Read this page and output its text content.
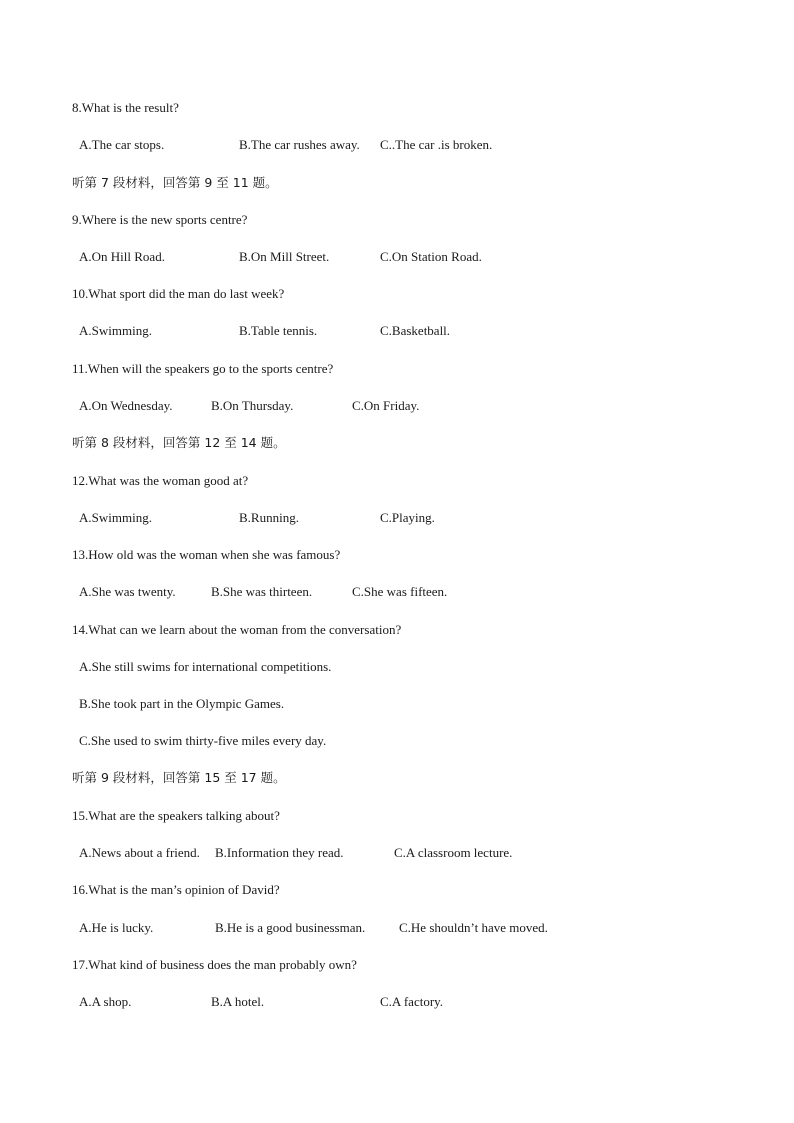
8.What is the result?
A.The car stops.	B.The car rushes away. C..The car .is broken.
听第 7 段材料，回答第 9 至 11 题。
9.Where is the new sports centre?
A.On Hill Road.	B.On Mill Street.	C.On Station Road.
10.What sport did the man do last week?
A.Swimming.	B.Table tennis.	C.Basketball.
11.When will the speakers go to the sports centre?
A.On Wednesday.	B.On Thursday.	C.On Friday.
听第 8 段材料，回答第 12 至 14 题。
12.What was the woman good at?
A.Swimming.	B.Running.	C.Playing.
13.How old was the woman when she was famous?
A.She was twenty.	B.She was thirteen.	C.She was fifteen.
14.What can we learn about the woman from the conversation?
A.She still swims for international competitions.
B.She took part in the Olympic Games.
C.She used to swim thirty-five miles every day.
听第 9 段材料，回答第 15 至 17 题。
15.What are the speakers talking about?
A.News about a friend. B.Information they read.	C.A classroom lecture.
16.What is the man’s opinion of David?
A.He is lucky.	B.He is a good businessman.	C.He shouldn’t have moved.
17.What kind of business does the man probably own?
A.A shop.	B.A hotel.	C.A factory.
